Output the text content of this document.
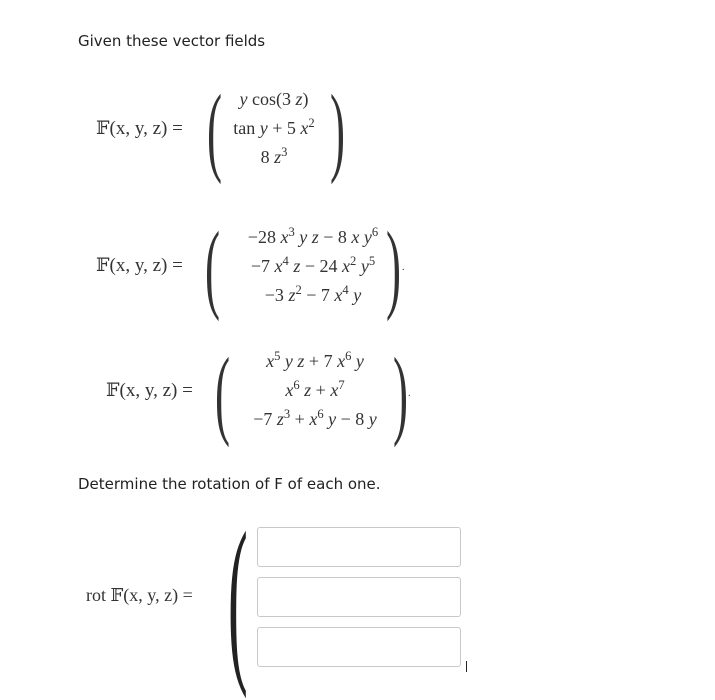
Given these vector fields
𝔽(x, y, z) = ( y cos(3 z)
tan y + 5 $x^2$
8 $z^3$ )
𝔽(x, y, z) = ( −28 $x^3$ y z − 8 x $y^6$
−7 $x^4$ z − 24 $x^2$ $y^5$
−3 $z^2 - 7$ $x^4$ y ) .
𝔽(x, y, z) = ( $x^5$ y z + 7 $x^6$ y
$x^6$ $z + x^7$
−7 $z^3 + x^6$ y − 8 y ) .
Determine the rotation of F of each one.
rot 𝔽(x, y, z) = (
